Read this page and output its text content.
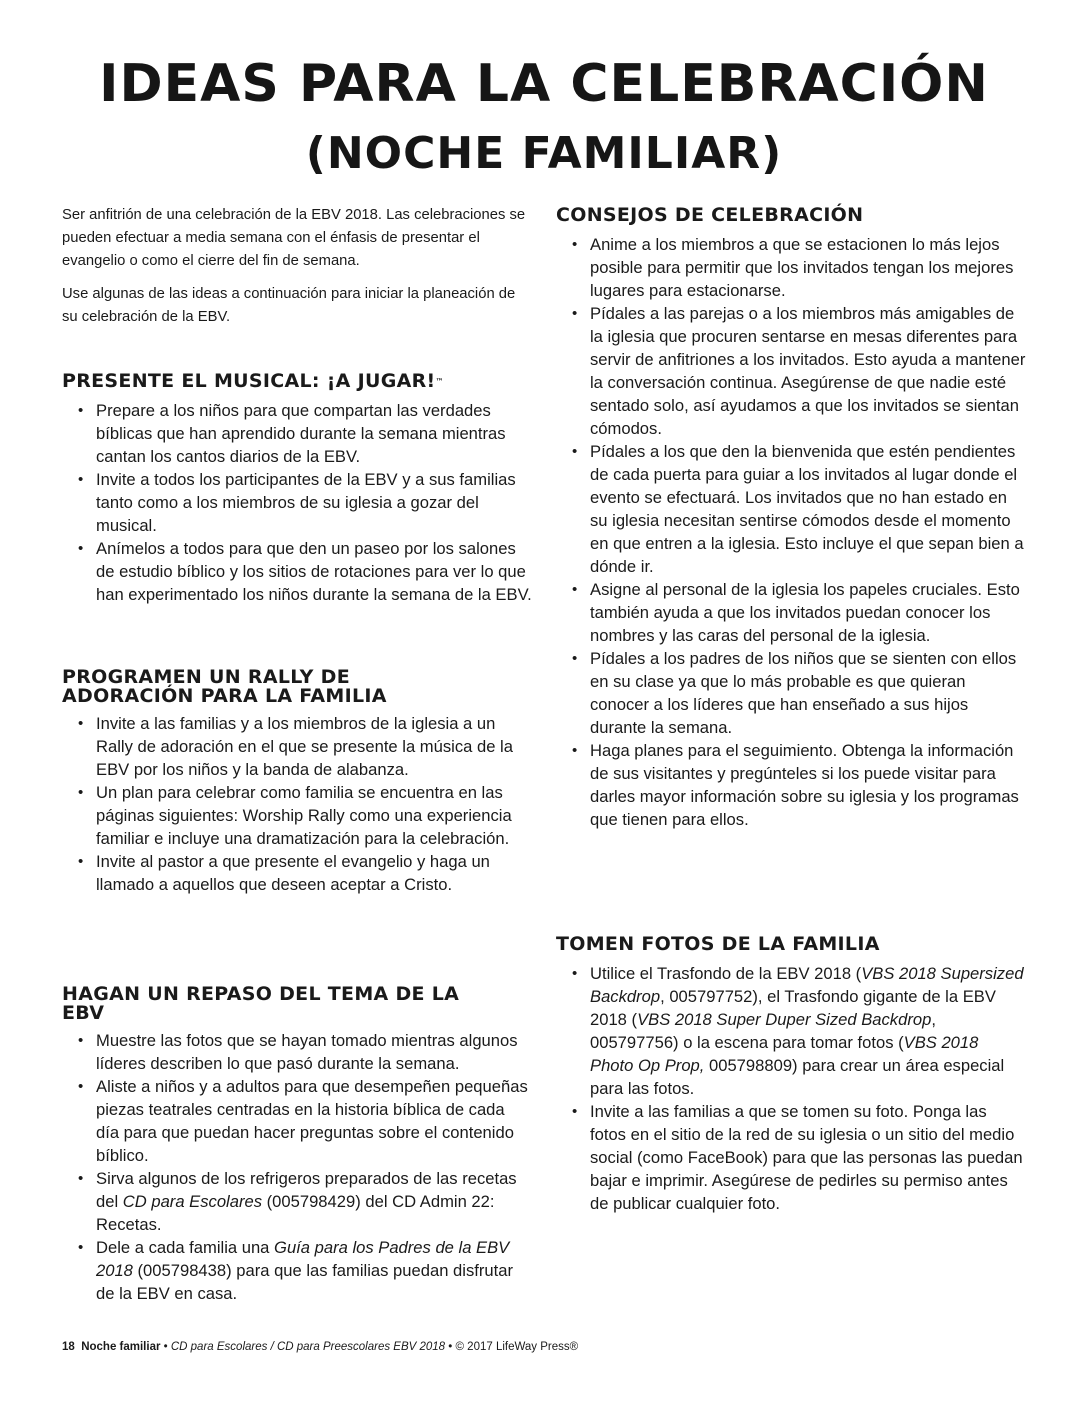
IDEAS PARA LA CELEBRACIÓN
(NOCHE FAMILIAR)

Ser anfitrión de una celebración de la EBV 2018. Las celebraciones se pueden efectuar a media semana con el énfasis de presentar el evangelio o como el cierre del fin de semana.

Use algunas de las ideas a continuación para iniciar la planeación de su celebración de la EBV.

PRESENTE EL MUSICAL: ¡A JUGAR!™
• Prepare a los niños para que compartan las verdades bíblicas que han aprendido durante la semana mientras cantan los cantos diarios de la EBV.
• Invite a todos los participantes de la EBV y a sus familias tanto como a los miembros de su iglesia a gozar del musical.
• Anímelos a todos para que den un paseo por los salones de estudio bíblico y los sitios de rotaciones para ver lo que han experimentado los niños durante la semana de la EBV.
PROGRAMEN UN RALLY DE
ADORACIÓN PARA LA FAMILIA
• Invite a las familias y a los miembros de la iglesia a un Rally de adoración en el que se presente la música de la EBV por los niños y la banda de alabanza.
• Un plan para celebrar como familia se encuentra en las páginas siguientes: Worship Rally como una experiencia familiar e incluye una dramatización para la celebración.
• Invite al pastor a que presente el evangelio y haga un llamado a aquellos que deseen aceptar a Cristo.
HAGAN UN REPASO DEL TEMA DE LA
EBV
• Muestre las fotos que se hayan tomado mientras algunos líderes describen lo que pasó durante la semana.
• Aliste a niños y a adultos para que desempeñen pequeñas piezas teatrales centradas en la historia bíblica de cada día para que puedan hacer preguntas sobre el contenido bíblico.
• Sirva algunos de los refrigeros preparados de las recetas del CD para Escolares (005798429) del CD Admin 22: Recetas.
• Dele a cada familia una Guía para los Padres de la EBV 2018 (005798438) para que las familias puedan disfrutar de la EBV en casa.
CONSEJOS DE CELEBRACIÓN
• Anime a los miembros a que se estacionen lo más lejos posible para permitir que los invitados tengan los mejores lugares para estacionarse.
• Pídales a las parejas o a los miembros más amigables de la iglesia que procuren sentarse en mesas diferentes para servir de anfitriones a los invitados. Esto ayuda a mantener la conversación continua. Asegúrense de que nadie esté sentado solo, así ayudamos a que los invitados se sientan cómodos.
• Pídales a los que den la bienvenida que estén pendientes de cada puerta para guiar a los invitados al lugar donde el evento se efectuará. Los invitados que no han estado en su iglesia necesitan sentirse cómodos desde el momento en que entren a la iglesia. Esto incluye el que sepan bien a dónde ir.
• Asigne al personal de la iglesia los papeles cruciales. Esto también ayuda a que los invitados puedan conocer los nombres y las caras del personal de la iglesia.
• Pídales a los padres de los niños que se sienten con ellos en su clase ya que lo más probable es que quieran conocer a los líderes que han enseñado a sus hijos durante la semana.
• Haga planes para el seguimiento. Obtenga la información de sus visitantes y pregúnteles si los puede visitar para darles mayor información sobre su iglesia y los programas que tienen para ellos.
TOMEN FOTOS DE LA FAMILIA
• Utilice el Trasfondo de la EBV 2018 (VBS 2018 Supersized Backdrop, 005797752), el Trasfondo gigante de la EBV 2018 (VBS 2018 Super Duper Sized Backdrop, 005797756) o la escena para tomar fotos (VBS 2018 Photo Op Prop, 005798809) para crear un área especial para las fotos.
• Invite a las familias a que se tomen su foto. Ponga las fotos en el sitio de la red de su iglesia o un sitio del medio social (como FaceBook) para que las personas las puedan bajar e imprimir. Asegúrese de pedirles su permiso antes de publicar cualquier foto.
18 Noche familiar • CD para Escolares / CD para Preescolares EBV 2018 • © 2017 LifeWay Press®
